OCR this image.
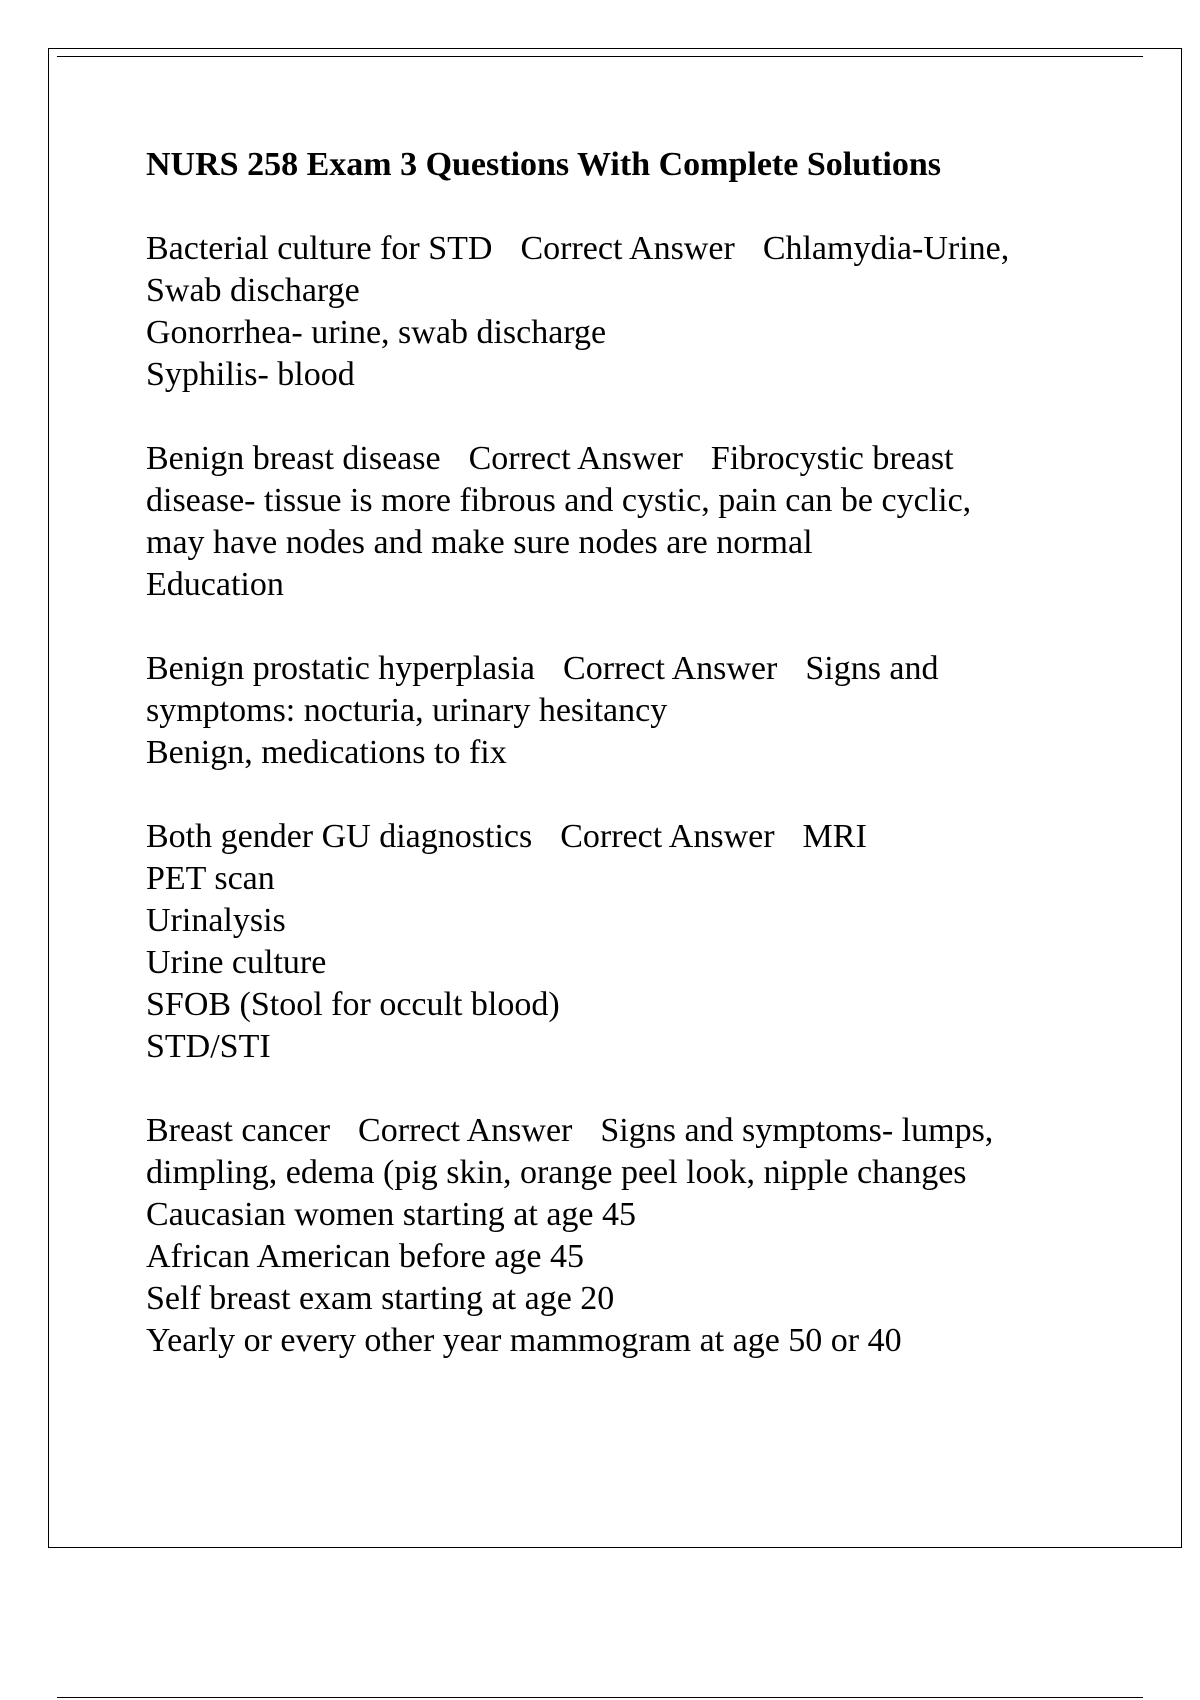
NURS 258 Exam 3 Questions With Complete Solutions
Bacterial culture for STD Correct Answer Chlamydia-Urine,
Swab discharge
Gonorrhea- urine, swab discharge
Syphilis- blood
Benign breast disease Correct Answer Fibrocystic breast
disease- tissue is more fibrous and cystic, pain can be cyclic,
may have nodes and make sure nodes are normal
Education
Benign prostatic hyperplasia Correct Answer Signs and
symptoms: nocturia, urinary hesitancy
Benign, medications to fix
Both gender GU diagnostics Correct Answer MRI
PET scan
Urinalysis
Urine culture
SFOB (Stool for occult blood)
STD/STI
Breast cancer Correct Answer Signs and symptoms- lumps,
dimpling, edema (pig skin, orange peel look, nipple changes
Caucasian women starting at age 45
African American before age 45
Self breast exam starting at age 20
Yearly or every other year mammogram at age 50 or 40
